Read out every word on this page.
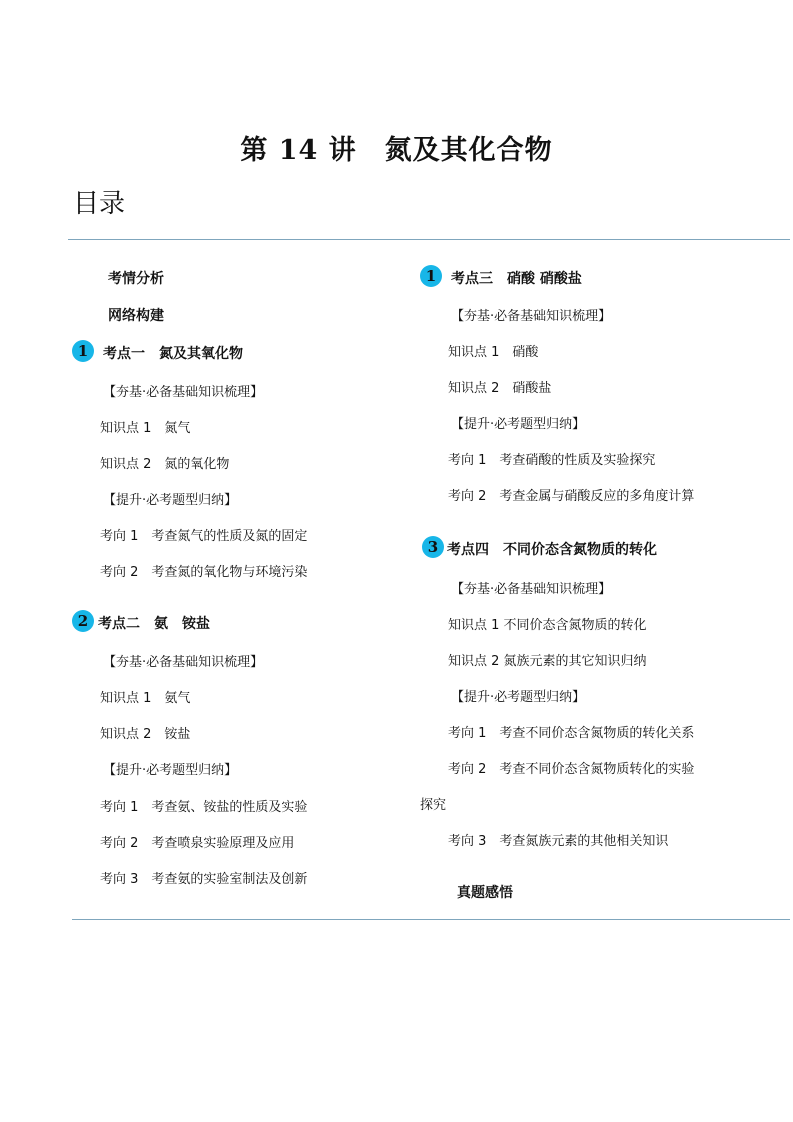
第 14 讲　氮及其化合物
目录
考情分析
网络构建
1	考点一　氮及其氧化物
【夯基·必备基础知识梳理】
知识点 1　氮气
知识点 2　氮的氧化物
【提升·必考题型归纳】
考向 1　考查氮气的性质及氮的固定
考向 2　考查氮的氧化物与环境污染
2 考点二　氨　铵盐
【夯基·必备基础知识梳理】
知识点 1　氨气
知识点 2　铵盐
【提升·必考题型归纳】
考向 1　考查氨、铵盐的性质及实验
考向 2　考查喷泉实验原理及应用
考向 3　考查氨的实验室制法及创新
1	考点三　硝酸 硝酸盐
【夯基·必备基础知识梳理】
知识点 1　硝酸
知识点 2　硝酸盐
【提升·必考题型归纳】
考向 1　考查硝酸的性质及实验探究
考向 2　考查金属与硝酸反应的多角度计算
3 考点四　不同价态含氮物质的转化
【夯基·必备基础知识梳理】
知识点 1 不同价态含氮物质的转化
知识点 2 氮族元素的其它知识归纳
【提升·必考题型归纳】
考向 1　考查不同价态含氮物质的转化关系
考向 2　考查不同价态含氮物质转化的实验
探究
考向 3　考查氮族元素的其他相关知识
真题感悟
